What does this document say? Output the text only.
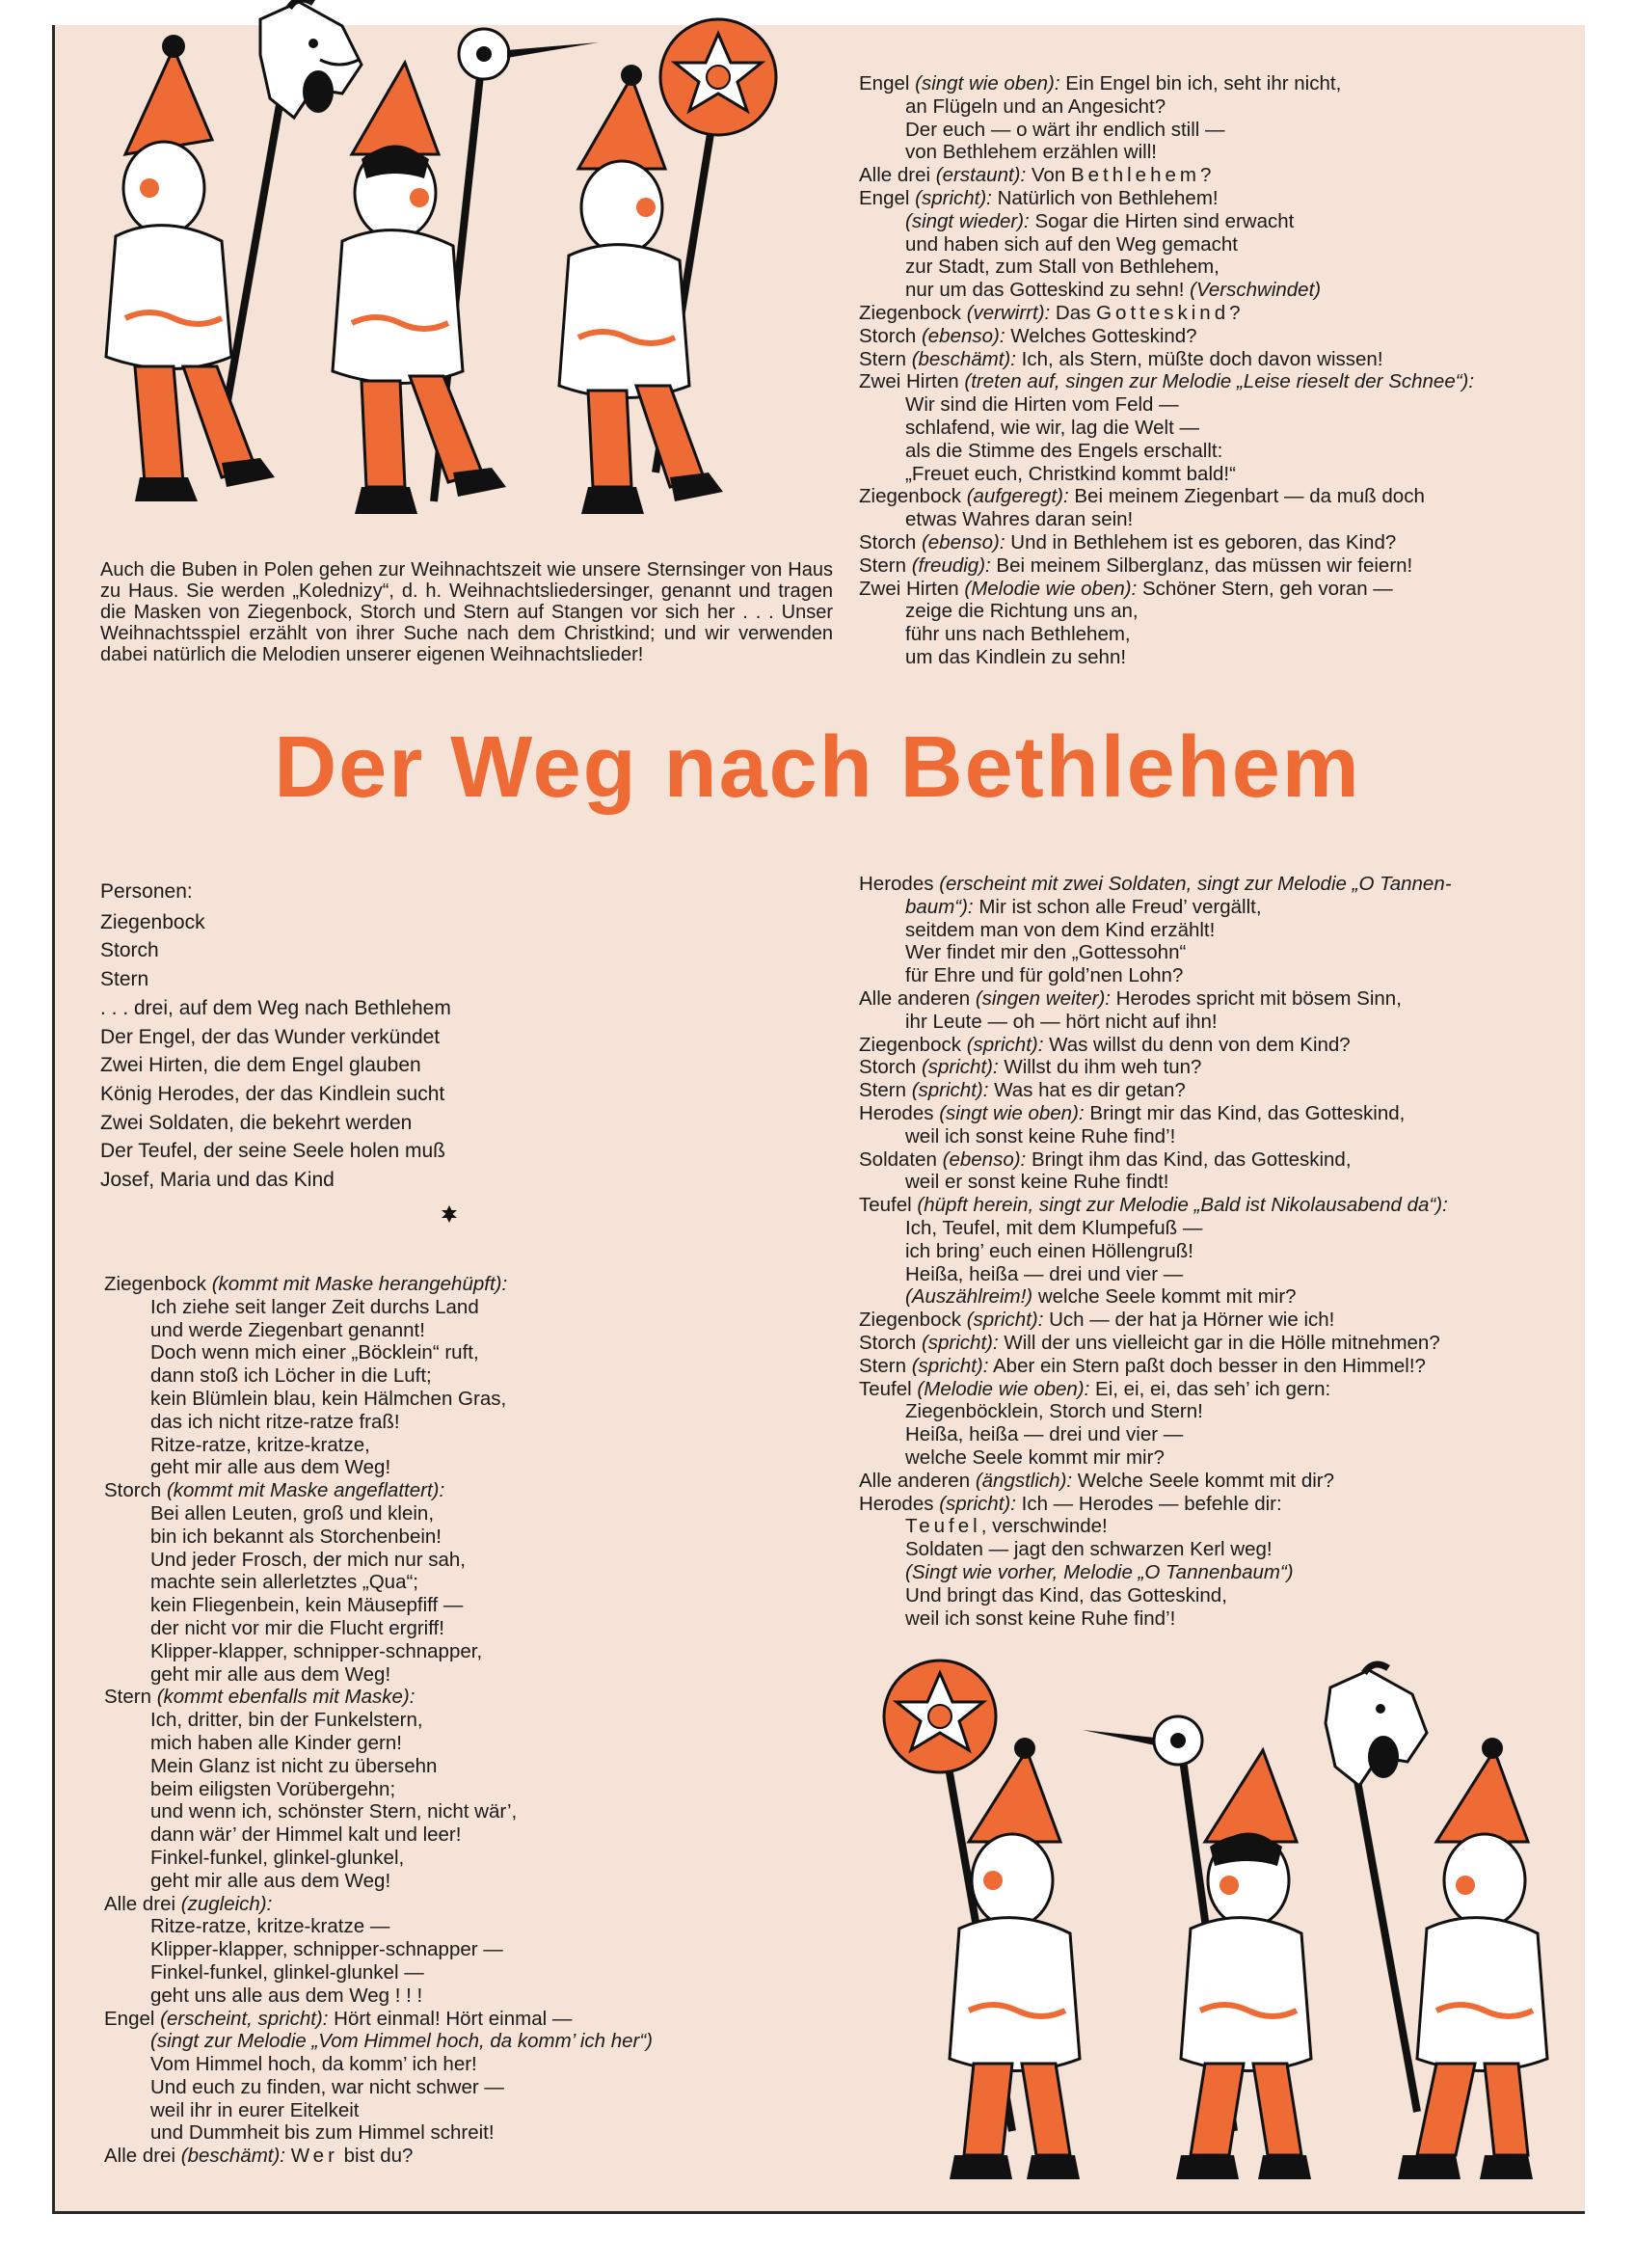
Auch die Buben in Polen gehen zur Weihnachtszeit wie unsere Sternsinger von Haus zu Haus. Sie werden „Kolednizy“, d. h. Weihnachtsliedersinger, genannt und tragen die Masken von Ziegenbock, Storch und Stern auf Stangen vor sich her . . . Unser Weihnachtsspiel erzählt von ihrer Suche nach dem Christkind; und wir verwenden dabei natürlich die Melodien unserer eigenen Weihnachtslieder!

Der Weg nach Bethlehem
Engel (singt wie oben): Ein Engel bin ich, seht ihr nicht,
an Flügeln und an Angesicht?
Der euch — o wärt ihr endlich still —
von Bethlehem erzählen will!
Alle drei (erstaunt): Von Bethlehem?
Engel (spricht): Natürlich von Bethlehem!
(singt wieder): Sogar die Hirten sind erwacht
und haben sich auf den Weg gemacht
zur Stadt, zum Stall von Bethlehem,
nur um das Gotteskind zu sehn! (Verschwindet)
Ziegenbock (verwirrt): Das Gotteskind?
Storch (ebenso): Welches Gotteskind?
Stern (beschämt): Ich, als Stern, müßte doch davon wissen!
Zwei Hirten (treten auf, singen zur Melodie „Leise rieselt der Schnee“):
Wir sind die Hirten vom Feld —
schlafend, wie wir, lag die Welt —
als die Stimme des Engels erschallt:
„Freuet euch, Christkind kommt bald!“
Ziegenbock (aufgeregt): Bei meinem Ziegenbart — da muß doch
etwas Wahres daran sein!
Storch (ebenso): Und in Bethlehem ist es geboren, das Kind?
Stern (freudig): Bei meinem Silberglanz, das müssen wir feiern!
Zwei Hirten (Melodie wie oben): Schöner Stern, geh voran —
zeige die Richtung uns an,
führ uns nach Bethlehem,
um das Kindlein zu sehn!
Personen:
Ziegenbock
Storch
Stern
. . . drei, auf dem Weg nach Bethlehem
Der Engel, der das Wunder verkündet
Zwei Hirten, die dem Engel glauben
König Herodes, der das Kindlein sucht
Zwei Soldaten, die bekehrt werden
Der Teufel, der seine Seele holen muß
Josef, Maria und das Kind
Ziegenbock (kommt mit Maske herangehüpft):
Ich ziehe seit langer Zeit durchs Land
und werde Ziegenbart genannt!
Doch wenn mich einer „Böcklein“ ruft,
dann stoß ich Löcher in die Luft;
kein Blümlein blau, kein Hälmchen Gras,
das ich nicht ritze-ratze fraß!
Ritze-ratze, kritze-kratze,
geht mir alle aus dem Weg!
Storch (kommt mit Maske angeflattert):
Bei allen Leuten, groß und klein,
bin ich bekannt als Storchenbein!
Und jeder Frosch, der mich nur sah,
machte sein allerletztes „Qua“;
kein Fliegenbein, kein Mäusepfiff —
der nicht vor mir die Flucht ergriff!
Klipper-klapper, schnipper-schnapper,
geht mir alle aus dem Weg!
Stern (kommt ebenfalls mit Maske):
Ich, dritter, bin der Funkelstern,
mich haben alle Kinder gern!
Mein Glanz ist nicht zu übersehn
beim eiligsten Vorübergehn;
und wenn ich, schönster Stern, nicht wär’,
dann wär’ der Himmel kalt und leer!
Finkel-funkel, glinkel-glunkel,
geht mir alle aus dem Weg!
Alle drei (zugleich):
Ritze-ratze, kritze-kratze —
Klipper-klapper, schnipper-schnapper —
Finkel-funkel, glinkel-glunkel —
geht uns alle aus dem Weg ! ! !
Engel (erscheint, spricht): Hört einmal! Hört einmal —
(singt zur Melodie „Vom Himmel hoch, da komm’ ich her“)
Vom Himmel hoch, da komm’ ich her!
Und euch zu finden, war nicht schwer —
weil ihr in eurer Eitelkeit
und Dummheit bis zum Himmel schreit!
Alle drei (beschämt): Wer bist du?
Herodes (erscheint mit zwei Soldaten, singt zur Melodie „O Tannen-
baum“): Mir ist schon alle Freud’ vergällt,
seitdem man von dem Kind erzählt!
Wer findet mir den „Gottessohn“
für Ehre und für gold’nen Lohn?
Alle anderen (singen weiter): Herodes spricht mit bösem Sinn,
ihr Leute — oh — hört nicht auf ihn!
Ziegenbock (spricht): Was willst du denn von dem Kind?
Storch (spricht): Willst du ihm weh tun?
Stern (spricht): Was hat es dir getan?
Herodes (singt wie oben): Bringt mir das Kind, das Gotteskind,
weil ich sonst keine Ruhe find’!
Soldaten (ebenso): Bringt ihm das Kind, das Gotteskind,
weil er sonst keine Ruhe findt!
Teufel (hüpft herein, singt zur Melodie „Bald ist Nikolausabend da“):
Ich, Teufel, mit dem Klumpefuß —
ich bring’ euch einen Höllengruß!
Heißa, heißa — drei und vier —
(Auszählreim!) welche Seele kommt mit mir?
Ziegenbock (spricht): Uch — der hat ja Hörner wie ich!
Storch (spricht): Will der uns vielleicht gar in die Hölle mitnehmen?
Stern (spricht): Aber ein Stern paßt doch besser in den Himmel!?
Teufel (Melodie wie oben): Ei, ei, ei, das seh’ ich gern:
Ziegenböcklein, Storch und Stern!
Heißa, heißa — drei und vier —
welche Seele kommt mir mir?
Alle anderen (ängstlich): Welche Seele kommt mit dir?
Herodes (spricht): Ich — Herodes — befehle dir:
Teufel, verschwinde!
Soldaten — jagt den schwarzen Kerl weg!
(Singt wie vorher, Melodie „O Tannenbaum“)
Und bringt das Kind, das Gotteskind,
weil ich sonst keine Ruhe find’!
